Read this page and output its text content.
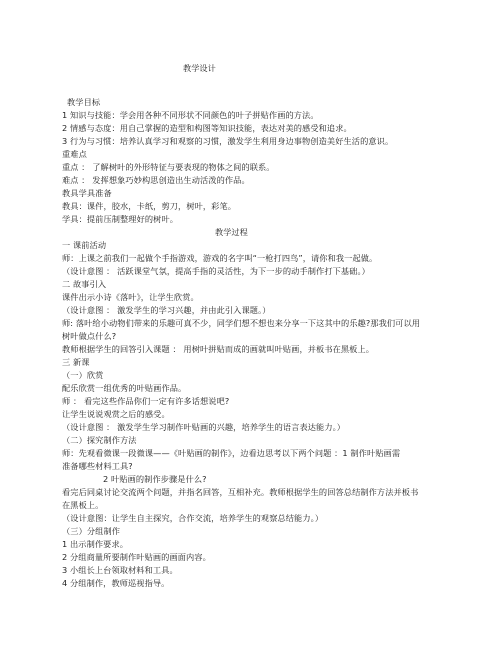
教学设计
教学目标
1 知识与技能：学会用各种不同形状不同颜色的叶子拼贴作画的方法。
2 情感与态度：用自己掌握的造型和构图等知识技能，表达对美的感受和追求。
3 行为与习惯：培养认真学习和观察的习惯，激发学生利用身边事物创造美好生活的意识。
重难点
重点 ： 了解树叶的外形特征与要表现的物体之间的联系。
难点 ： 发挥想象巧妙构思创造出生动活泼的作品。
教具学具准备
教具：课件，胶水，卡纸，剪刀，树叶，彩笔。
学具：提前压制整理好的树叶。
教学过程
一 课前活动
师：上课之前我们一起做个手指游戏，游戏的名字叫“一枪打四鸟”，请你和我一起做。
（设计意图 ： 活跃课堂气氛，提高手指的灵活性，为下一步的动手制作打下基础。）
二 故事引入
课件出示小诗《落叶》，让学生欣赏。
（设计意图 ： 激发学生的学习兴趣，并由此引入课题。）
师: 落叶给小动物们带来的乐趣可真不少，同学们想不想也来分享一下这其中的乐趣?那我们可以用
树叶做点什么?
教师根据学生的回答引入课题 ： 用树叶拼贴而成的画就叫叶贴画，并板书在黑板上。
三 新课
（一）欣赏
配乐欣赏一组优秀的叶贴画作品。
师 ： 看完这些作品你们一定有许多话想说吧?
让学生说说观赏之后的感受。
（设计意图 ： 激发学生学习制作叶贴画的兴趣，培养学生的语言表达能力。）
（二）探究制作方法
师：先观看微课一段微课——《叶贴画的制作》，边看边思考以下两个问题 ：1 制作叶贴画需
准备哪些材料工具?
2 叶贴画的制作步骤是什么?
看完后同桌讨论交流两个问题，并指名回答，互相补充。教师根据学生的回答总结制作方法并板书
在黑板上。
（设计意图：让学生自主探究，合作交流，培养学生的观察总结能力。）
（三）分组制作
1 出示制作要求。
2 分组商量所要制作叶贴画的画面内容。
3 小组长上台领取材料和工具。
4 分组制作，教师巡视指导。
